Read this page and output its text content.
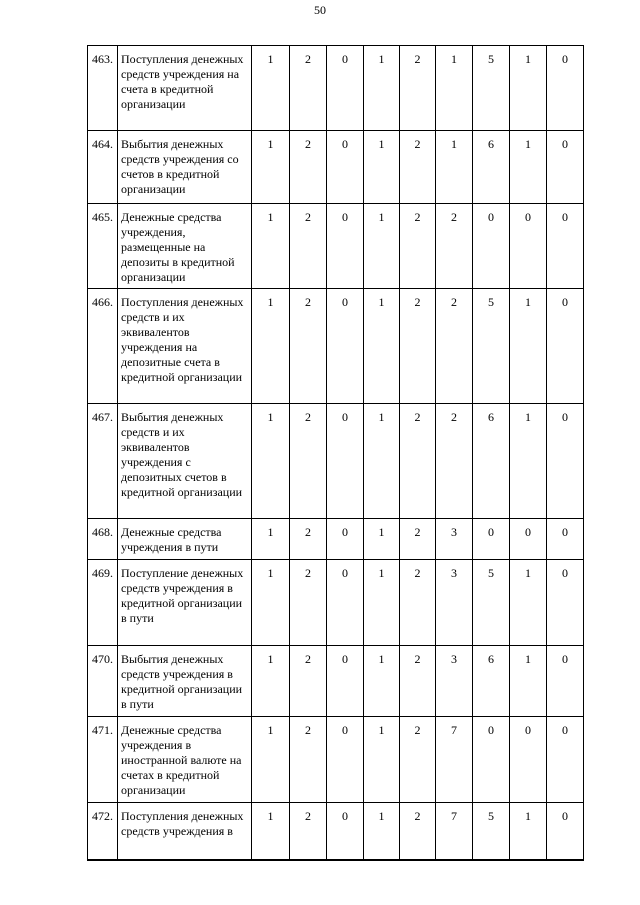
50
463.	Поступления денежных средств учреждения на счета в кредитной организации	1	2	0	1	2	1	5	1	0
464.	Выбытия денежных средств учреждения со счетов в кредитной организации	1	2	0	1	2	1	6	1	0
465.	Денежные средства учреждения, размещенные на депозиты в кредитной организации	1	2	0	1	2	2	0	0	0
466.	Поступления денежных средств и их эквивалентов учреждения на депозитные счета в кредитной организации	1	2	0	1	2	2	5	1	0
467.	Выбытия денежных средств и их эквивалентов учреждения с депозитных счетов в кредитной организации	1	2	0	1	2	2	6	1	0
468.	Денежные средства учреждения в пути	1	2	0	1	2	3	0	0	0
469.	Поступление денежных средств учреждения в кредитной организации в пути	1	2	0	1	2	3	5	1	0
470.	Выбытия денежных средств учреждения в кредитной организации в пути	1	2	0	1	2	3	6	1	0
471.	Денежные средства учреждения в иностранной валюте на счетах в кредитной организации	1	2	0	1	2	7	0	0	0
472.	Поступления денежных средств учреждения в	1	2	0	1	2	7	5	1	0
